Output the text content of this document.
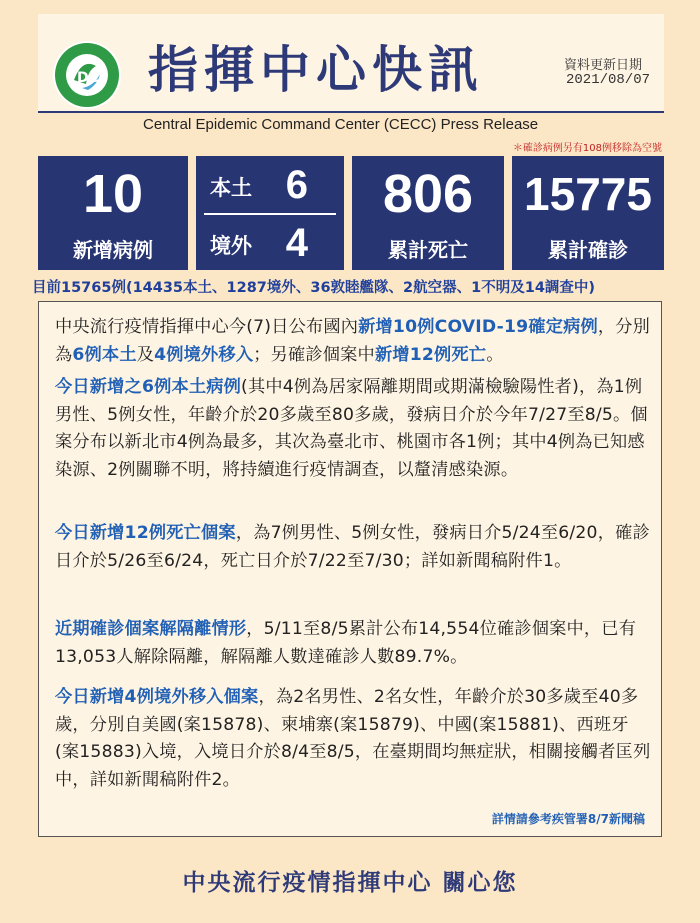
DC 指揮中心快訊	資料更新日期
2021/08/07
Central Epidemic Command Center (CECC) Press Release
＊確診病例另有108例移除為空號
10
新增病例
本土 6
境外 4
806
累計死亡
15775
累計確診
目前15765例(14435本土、1287境外、36敦睦艦隊、2航空器、1不明及14調查中)
中央流行疫情指揮中心今(7)日公布國內新增10例COVID-19確定病例，分別為6例本土及4例境外移入；另確診個案中新增12例死亡。
今日新增之6例本土病例(其中4例為居家隔離期間或期滿檢驗陽性者)，為1例男性、5例女性，年齡介於20多歲至80多歲，發病日介於今年7/27至8/5。個案分布以新北市4例為最多，其次為臺北市、桃園市各1例；其中4例為已知感染源、2例關聯不明，將持續進行疫情調查，以釐清感染源。
今日新增12例死亡個案，為7例男性、5例女性，發病日介5/24至6/20，確診日介於5/26至6/24，死亡日介於7/22至7/30；詳如新聞稿附件1。
近期確診個案解隔離情形，5/11至8/5累計公布14,554位確診個案中，已有13,053人解除隔離，解隔離人數達確診人數89.7%。
今日新增4例境外移入個案，為2名男性、2名女性，年齡介於30多歲至40多歲，分別自美國(案15878)、柬埔寨(案15879)、中國(案15881)、西班牙(案15883)入境，入境日介於8/4至8/5，在臺期間均無症狀，相關接觸者匡列中，詳如新聞稿附件2。
詳情請參考疾管署8/7新聞稿
中央流行疫情指揮中心 關心您
